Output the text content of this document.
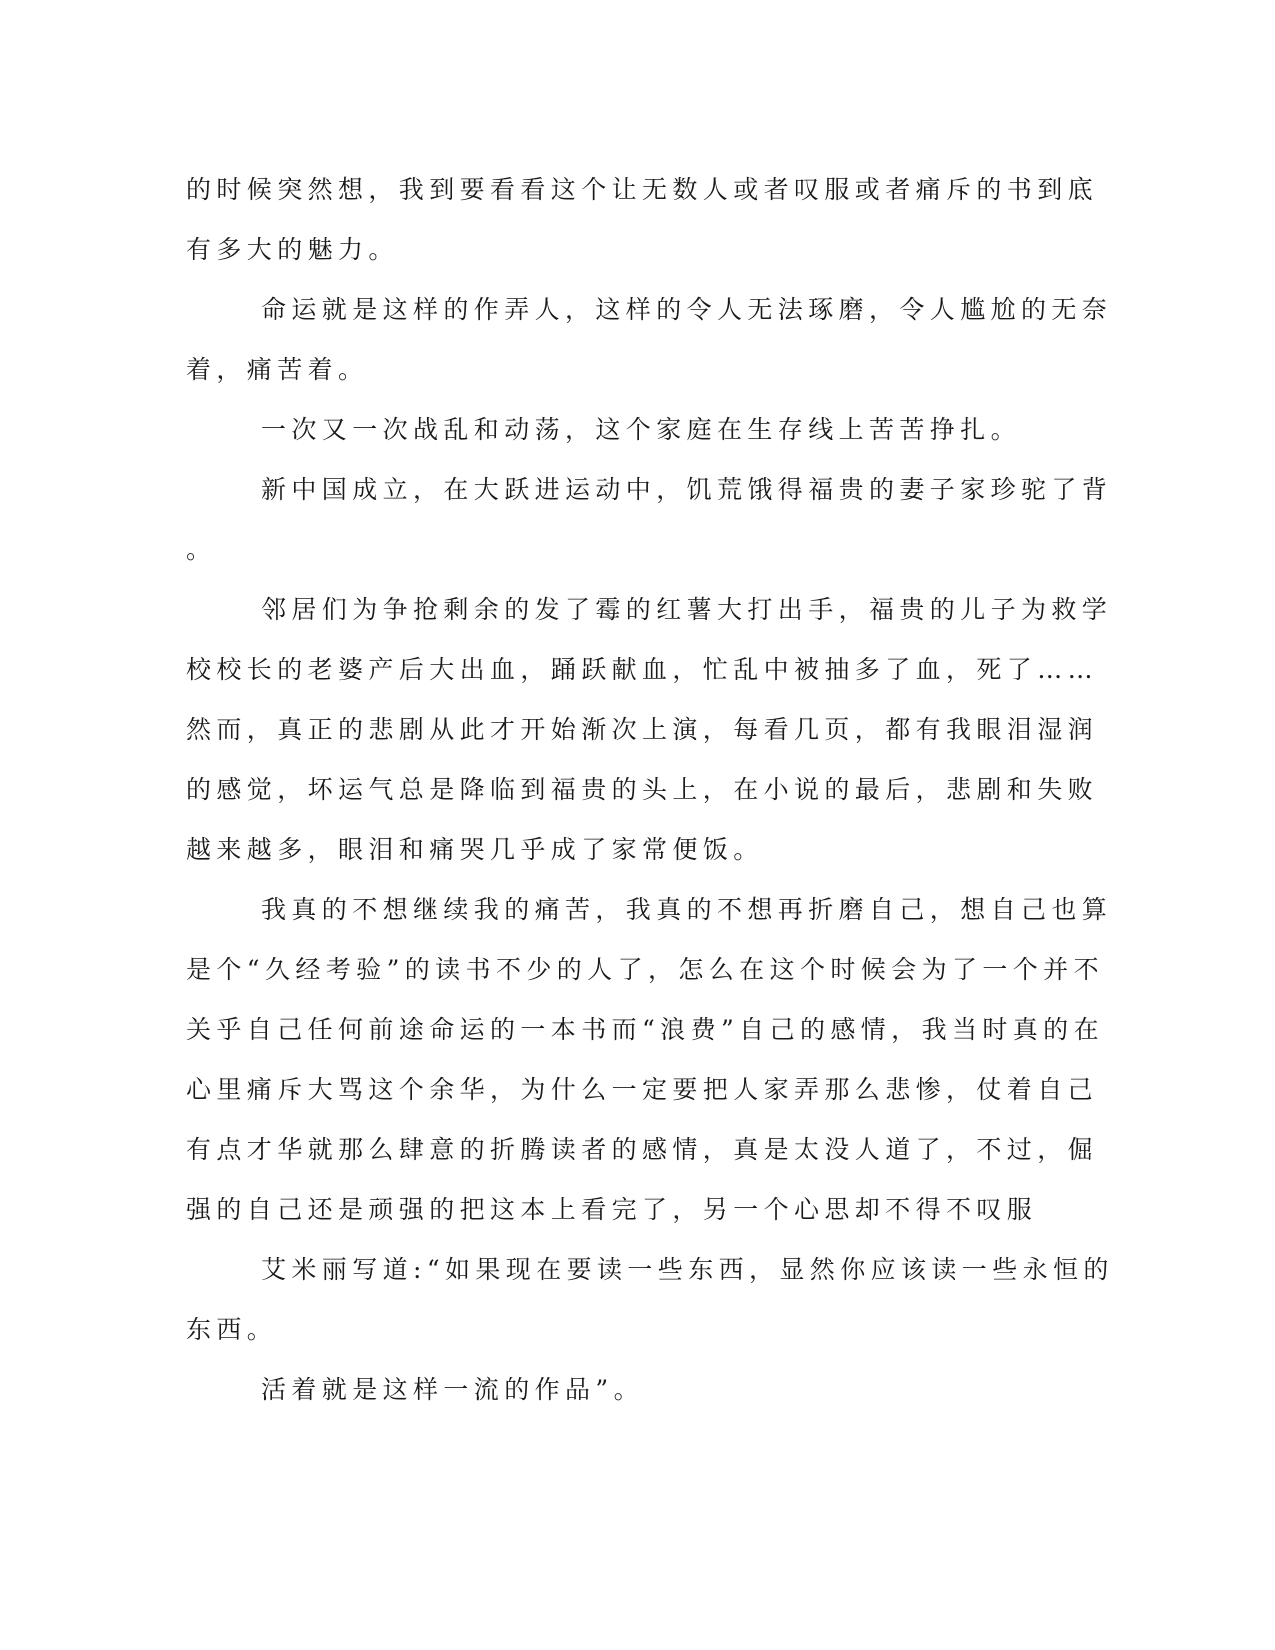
的时候突然想，我到要看看这个让无数人或者叹服或者痛斥的书到底
有多大的魅力。
命运就是这样的作弄人，这样的令人无法琢磨，令人尴尬的无奈
着，痛苦着。
一次又一次战乱和动荡，这个家庭在生存线上苦苦挣扎。
新中国成立，在大跃进运动中，饥荒饿得福贵的妻子家珍驼了背
。
邻居们为争抢剩余的发了霉的红薯大打出手，福贵的儿子为救学
校校长的老婆产后大出血，踊跃献血，忙乱中被抽多了血，死了……
然而，真正的悲剧从此才开始渐次上演，每看几页，都有我眼泪湿润
的感觉，坏运气总是降临到福贵的头上，在小说的最后，悲剧和失败
越来越多，眼泪和痛哭几乎成了家常便饭。
我真的不想继续我的痛苦，我真的不想再折磨自己，想自己也算
是个“久经考验”的读书不少的人了，怎么在这个时候会为了一个并不
关乎自己任何前途命运的一本书而“浪费”自己的感情，我当时真的在
心里痛斥大骂这个余华，为什么一定要把人家弄那么悲惨，仗着自己
有点才华就那么肆意的折腾读者的感情，真是太没人道了，不过，倔
强的自己还是顽强的把这本上看完了，另一个心思却不得不叹服
艾米丽写道:“如果现在要读一些东西，显然你应该读一些永恒的
东西。
活着就是这样一流的作品”。
